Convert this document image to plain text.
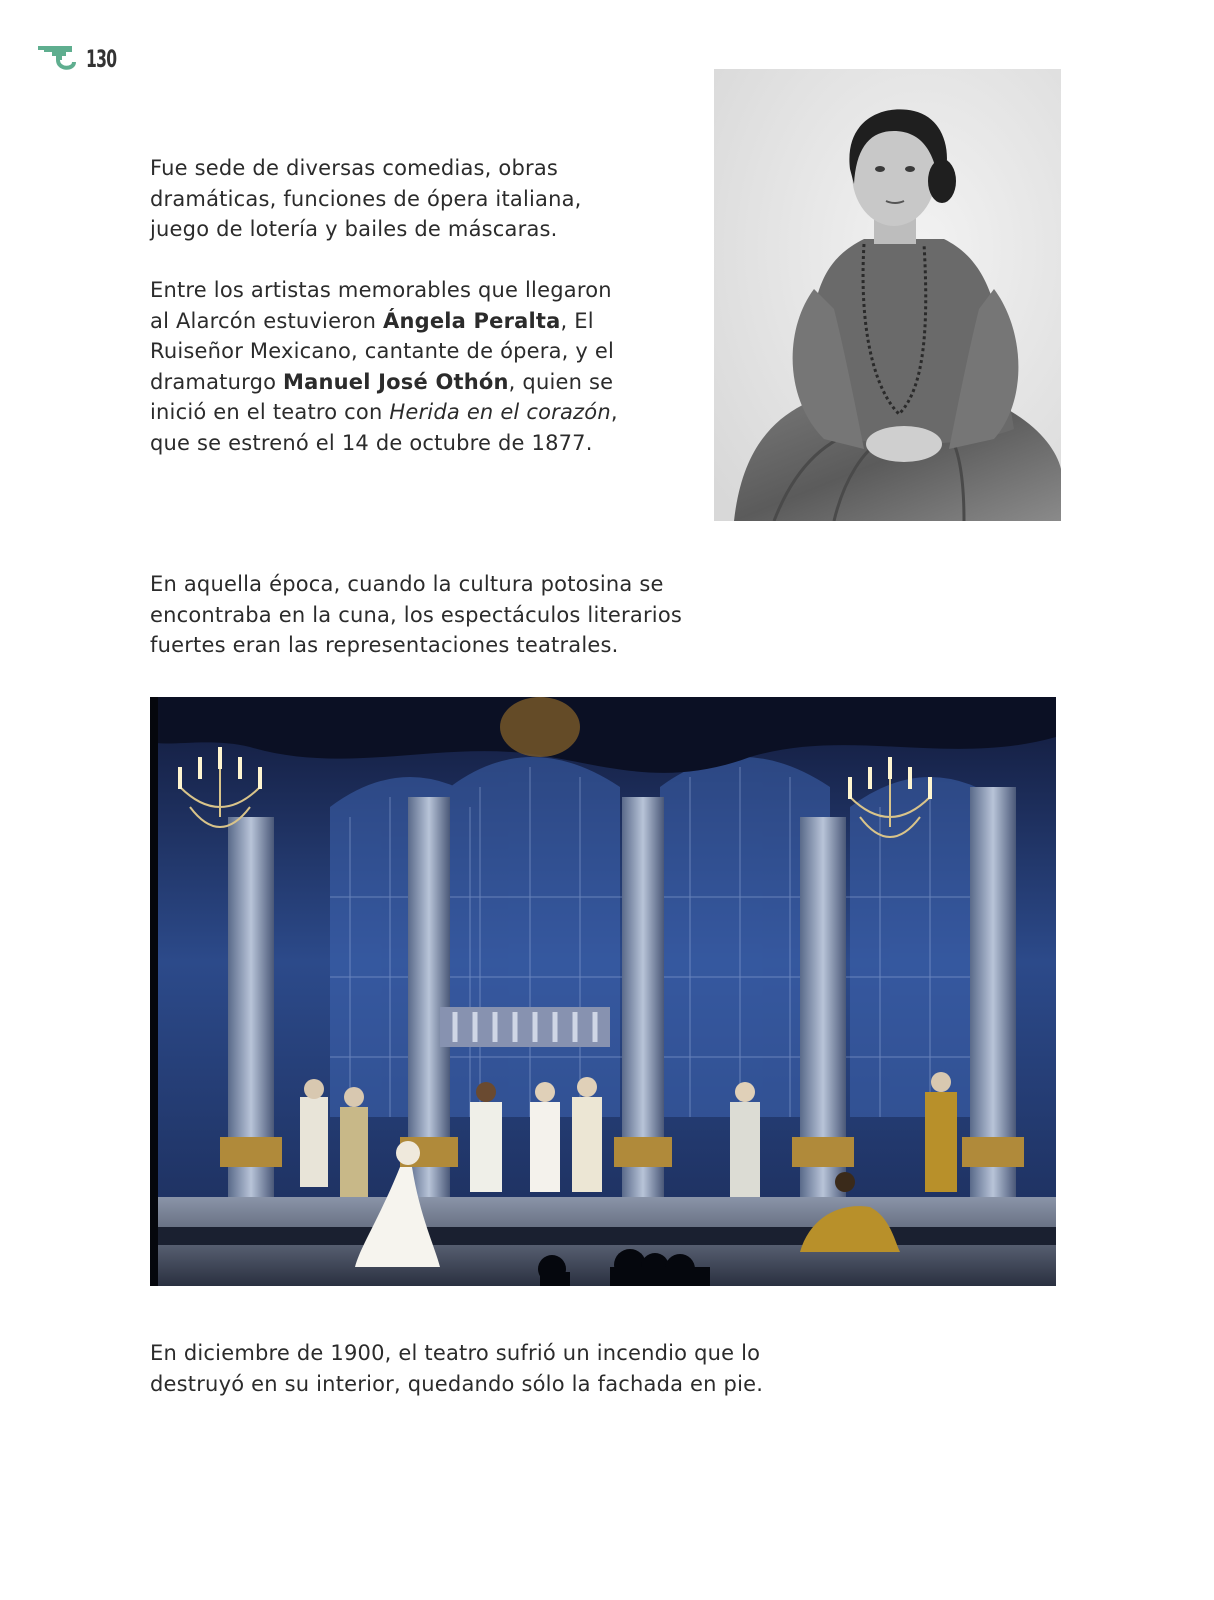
130

Fue sede de diversas comedias, obras
dramáticas, funciones de ópera italiana,
juego de lotería y bailes de máscaras.

Entre los artistas memorables que llegaron
al Alarcón estuvieron Ángela Peralta, El
Ruiseñor Mexicano, cantante de ópera, y el
dramaturgo Manuel José Othón, quien se
inició en el teatro con Herida en el corazón,
que se estrenó el 14 de octubre de 1877.

En aquella época, cuando la cultura potosina se
encontraba en la cuna, los espectáculos literarios
fuertes eran las representaciones teatrales.

En diciembre de 1900, el teatro sufrió un incendio que lo
destruyó en su interior, quedando sólo la fachada en pie.
